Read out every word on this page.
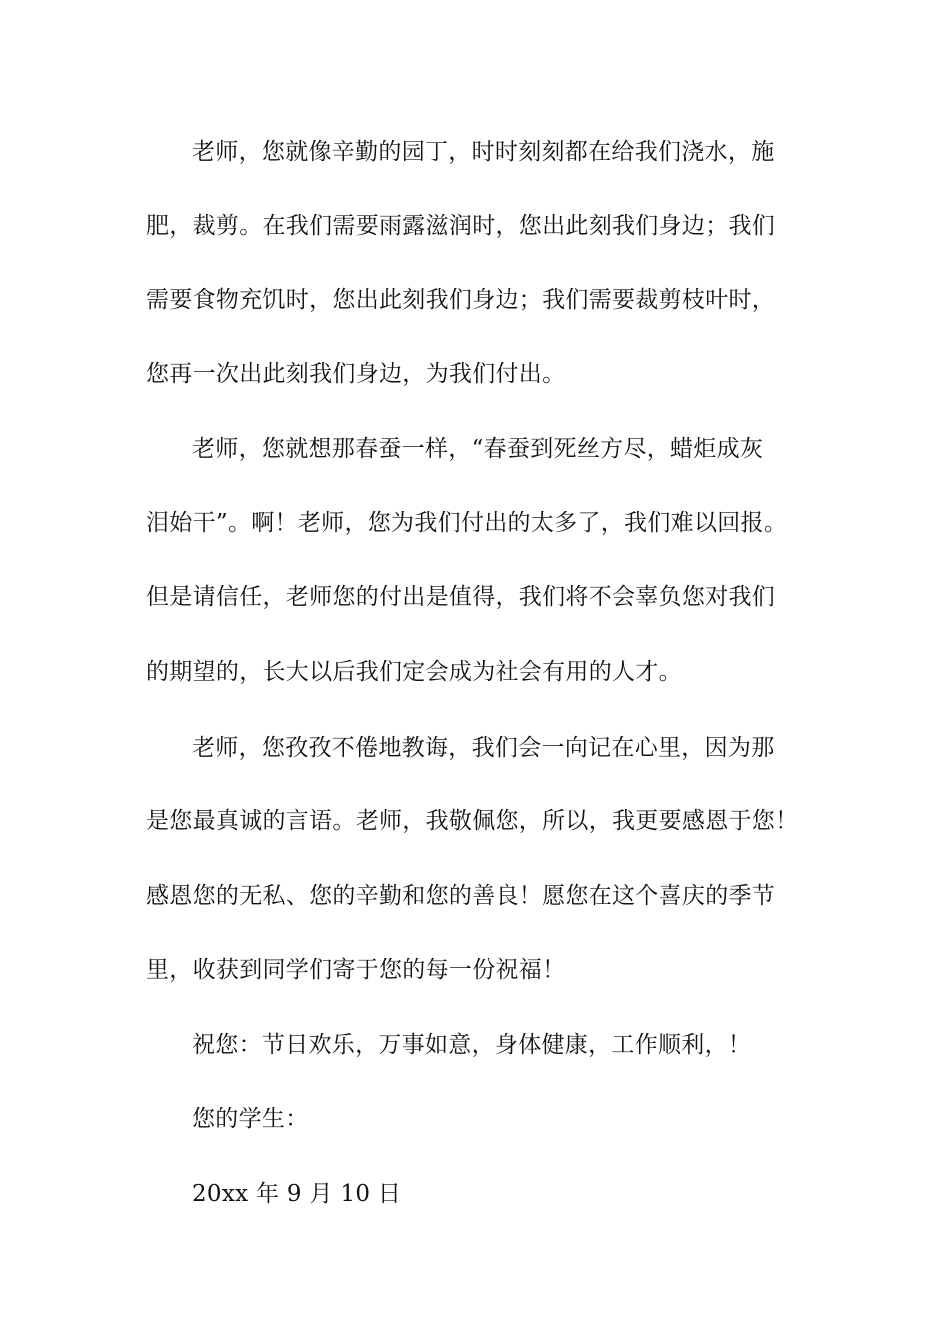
老师，您就像辛勤的园丁，时时刻刻都在给我们浇水，施
肥，裁剪。在我们需要雨露滋润时，您出此刻我们身边；我们
需要食物充饥时，您出此刻我们身边；我们需要裁剪枝叶时，
您再一次出此刻我们身边，为我们付出。
老师，您就想那春蚕一样，“春蚕到死丝方尽，蜡炬成灰
泪始干”。啊！老师，您为我们付出的太多了，我们难以回报。
但是请信任，老师您的付出是值得，我们将不会辜负您对我们
的期望的，长大以后我们定会成为社会有用的人才。
老师，您孜孜不倦地教诲，我们会一向记在心里，因为那
是您最真诚的言语。老师，我敬佩您，所以，我更要感恩于您！
感恩您的无私、您的辛勤和您的善良！愿您在这个喜庆的季节
里，收获到同学们寄于您的每一份祝福！
祝您：节日欢乐，万事如意，身体健康，工作顺利，！
您的学生：
20xx 年 9 月 10 日
